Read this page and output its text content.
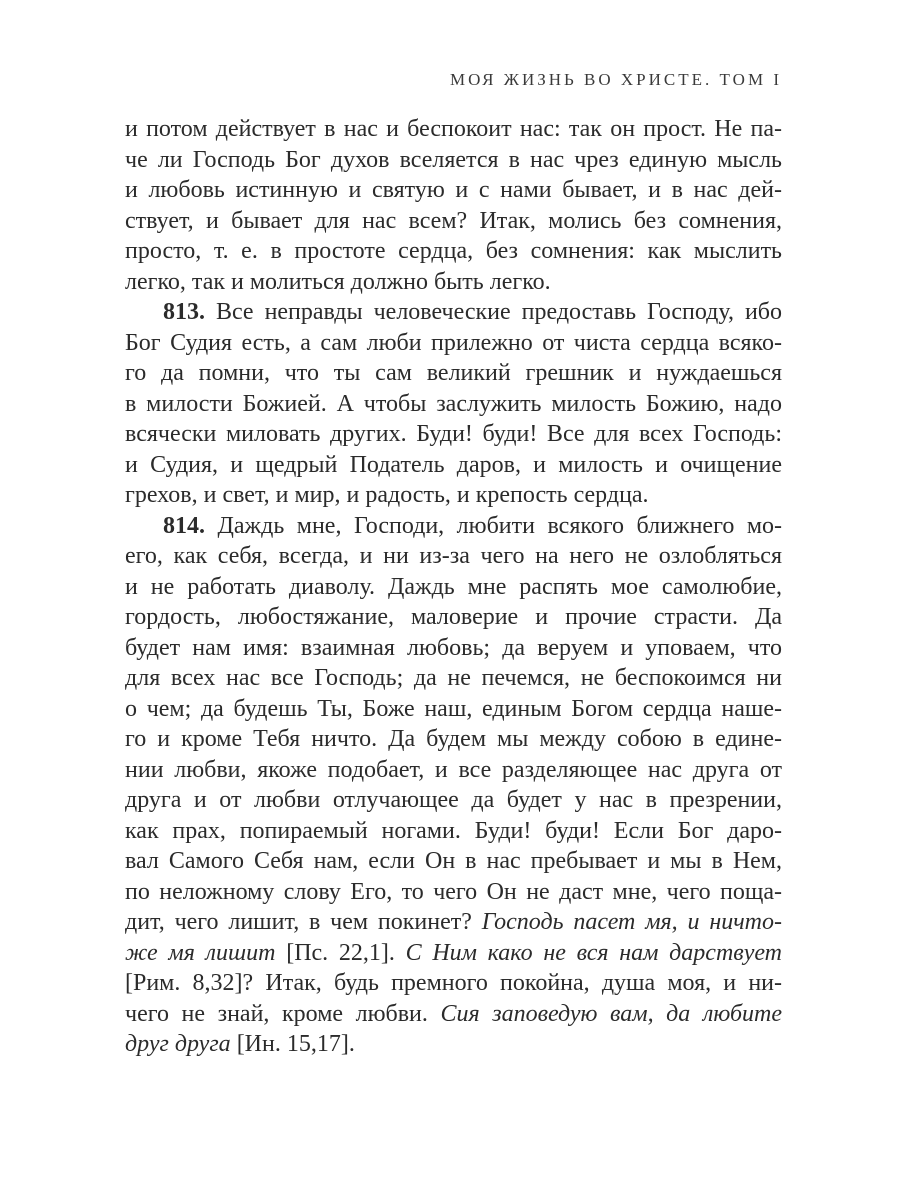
МОЯ ЖИЗНЬ ВО ХРИСТЕ. ТОМ I
и потом действует в нас и беспокоит нас: так он прост. Не па-
че ли Господь Бог духов вселяется в нас чрез единую мысль
и любовь истинную и святую и с нами бывает, и в нас дей-
ствует, и бывает для нас всем? Итак, молись без сомнения,
просто, т. е. в простоте сердца, без сомнения: как мыслить
легко, так и молиться должно быть легко.
813. Все неправды человеческие предоставь Господу, ибо
Бог Судия есть, а сам люби прилежно от чиста сердца всяко-
го да помни, что ты сам великий грешник и нуждаешься
в милости Божией. А чтобы заслужить милость Божию, надо
всячески миловать других. Буди! буди! Все для всех Господь:
и Судия, и щедрый Податель даров, и милость и очищение
грехов, и свет, и мир, и радость, и крепость сердца.
814. Даждь мне, Господи, любити всякого ближнего мо-
его, как себя, всегда, и ни из-за чего на него не озлобляться
и не работать диаволу. Даждь мне распять мое самолюбие,
гордость, любостяжание, маловерие и прочие страсти. Да
будет нам имя: взаимная любовь; да веруем и уповаем, что
для всех нас все Господь; да не печемся, не беспокоимся ни
о чем; да будешь Ты, Боже наш, единым Богом сердца наше-
го и кроме Тебя ничто. Да будем мы между собою в едине-
нии любви, якоже подобает, и все разделяющее нас друга от
друга и от любви отлучающее да будет у нас в презрении,
как прах, попираемый ногами. Буди! буди! Если Бог даро-
вал Самого Себя нам, если Он в нас пребывает и мы в Нем,
по неложному слову Его, то чего Он не даст мне, чего поща-
дит, чего лишит, в чем покинет? Господь пасет мя, и ничто-
же мя лишит [Пс. 22,1]. С Ним како не вся нам дарствует
[Рим. 8,32]? Итак, будь премного покойна, душа моя, и ни-
чего не знай, кроме любви. Сия заповедую вам, да любите
друг друга [Ин. 15,17].
